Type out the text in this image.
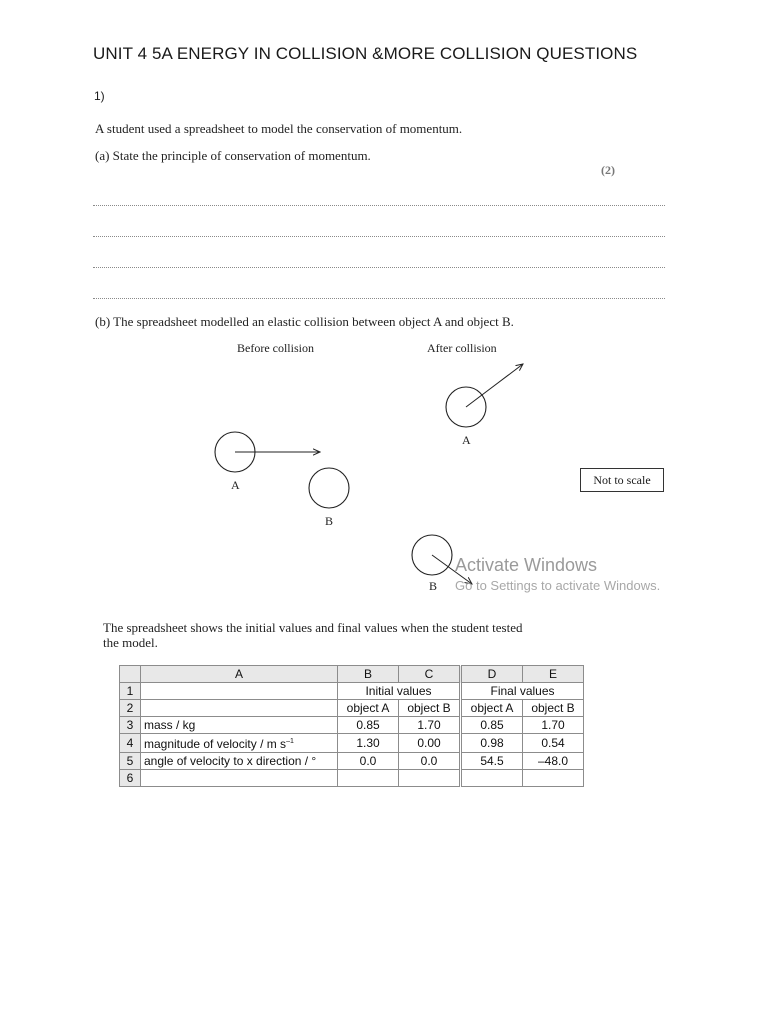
UNIT 4 5A ENERGY IN COLLISION &MORE COLLISION QUESTIONS
1)
A student used a spreadsheet to model the conservation of momentum.
(a) State the principle of conservation of momentum.
(2)
(b) The spreadsheet modelled an elastic collision between object A and object B.
Before collision	After collision
A
B
A
B
Not to scale
Activate Windows
Go to Settings to activate Windows.
The spreadsheet shows the initial values and final values when the student tested
the model.
	A	B	C	D	E
1		Initial values		Final values	
2		object A	object B	object A	object B
3	mass / kg	0.85	1.70	0.85	1.70
4	magnitude of velocity / m $s^{-1}$	1.30	0.00	0.98	0.54
5	angle of velocity to x direction / °	0.0	0.0	54.5	–48.0
6					
